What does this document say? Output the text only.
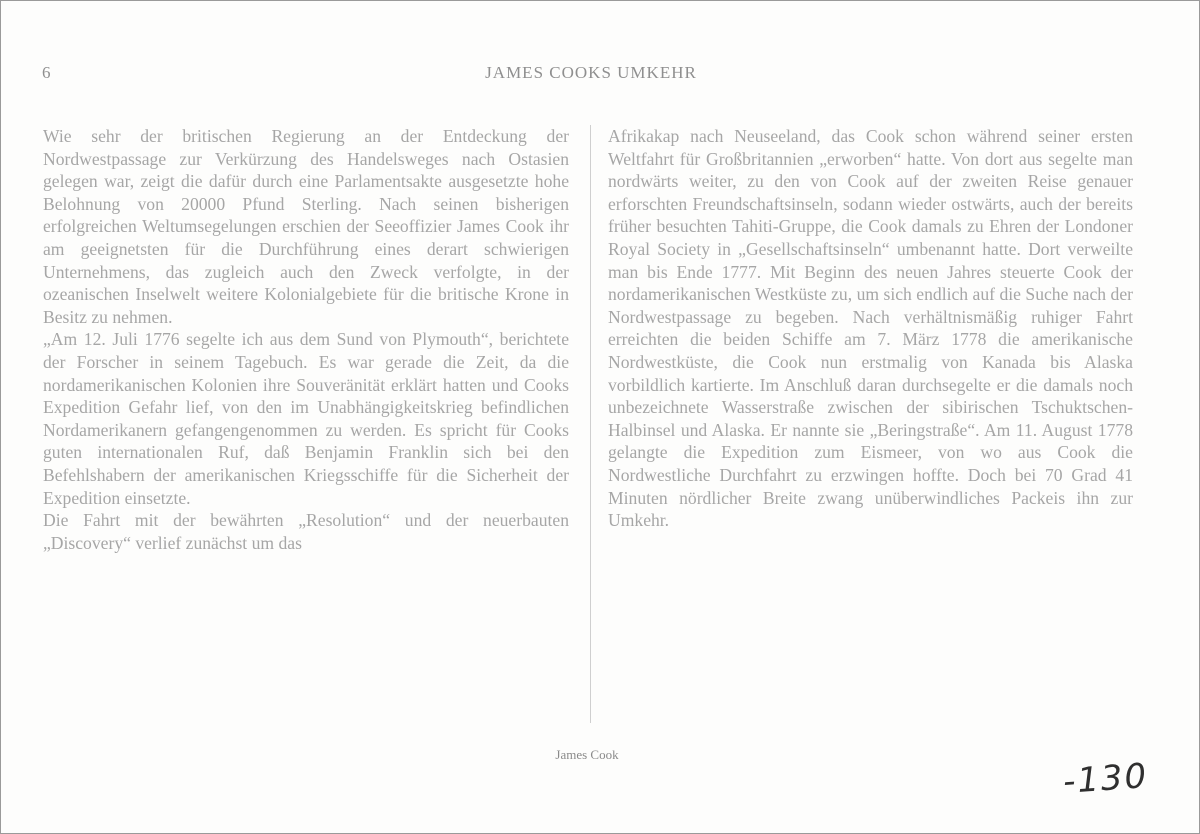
6	JAMES COOKS UMKEHR

Wie sehr der britischen Regierung an der Entdeckung der Nordwestpassage zur Verkürzung des Handelsweges nach Ostasien gelegen war, zeigt die dafür durch eine Parlamentsakte ausgesetzte hohe Belohnung von 20000 Pfund Sterling. Nach seinen bisherigen erfolgreichen Weltumsegelungen erschien der Seeoffizier James Cook ihr am geeignetsten für die Durchführung eines derart schwierigen Unternehmens, das zugleich auch den Zweck verfolgte, in der ozeanischen Inselwelt weitere Kolonialgebiete für die britische Krone in Besitz zu nehmen.

„Am 12. Juli 1776 segelte ich aus dem Sund von Plymouth“, berichtete der Forscher in seinem Tagebuch. Es war gerade die Zeit, da die nordamerikanischen Kolonien ihre Souveränität erklärt hatten und Cooks Expedition Gefahr lief, von den im Unabhängigkeitskrieg befindlichen Nordamerikanern gefangengenommen zu werden. Es spricht für Cooks guten internationalen Ruf, daß Benjamin Franklin sich bei den Befehlshabern der amerikanischen Kriegsschiffe für die Sicherheit der Expedition einsetzte.

Die Fahrt mit der bewährten „Resolution“ und der neuerbauten „Discovery“ verlief zunächst um das

Afrikakap nach Neuseeland, das Cook schon während seiner ersten Weltfahrt für Großbritannien „erworben“ hatte. Von dort aus segelte man nordwärts weiter, zu den von Cook auf der zweiten Reise genauer erforschten Freundschaftsinseln, sodann wieder ostwärts, auch der bereits früher besuchten Tahiti-Gruppe, die Cook damals zu Ehren der Londoner Royal Society in „Gesellschaftsinseln“ umbenannt hatte. Dort verweilte man bis Ende 1777. Mit Beginn des neuen Jahres steuerte Cook der nordamerikanischen Westküste zu, um sich endlich auf die Suche nach der Nordwestpassage zu begeben. Nach verhältnismäßig ruhiger Fahrt erreichten die beiden Schiffe am 7. März 1778 die amerikanische Nordwestküste, die Cook nun erstmalig von Kanada bis Alaska vorbildlich kartierte. Im Anschluß daran durchsegelte er die damals noch unbezeichnete Wasserstraße zwischen der sibirischen Tschuktschen-Halbinsel und Alaska. Er nannte sie „Beringstraße“. Am 11. August 1778 gelangte die Expedition zum Eismeer, von wo aus Cook die Nordwestliche Durchfahrt zu erzwingen hoffte. Doch bei 70 Grad 41 Minuten nördlicher Breite zwang unüberwindliches Packeis ihn zur Umkehr.

James Cook
-130
